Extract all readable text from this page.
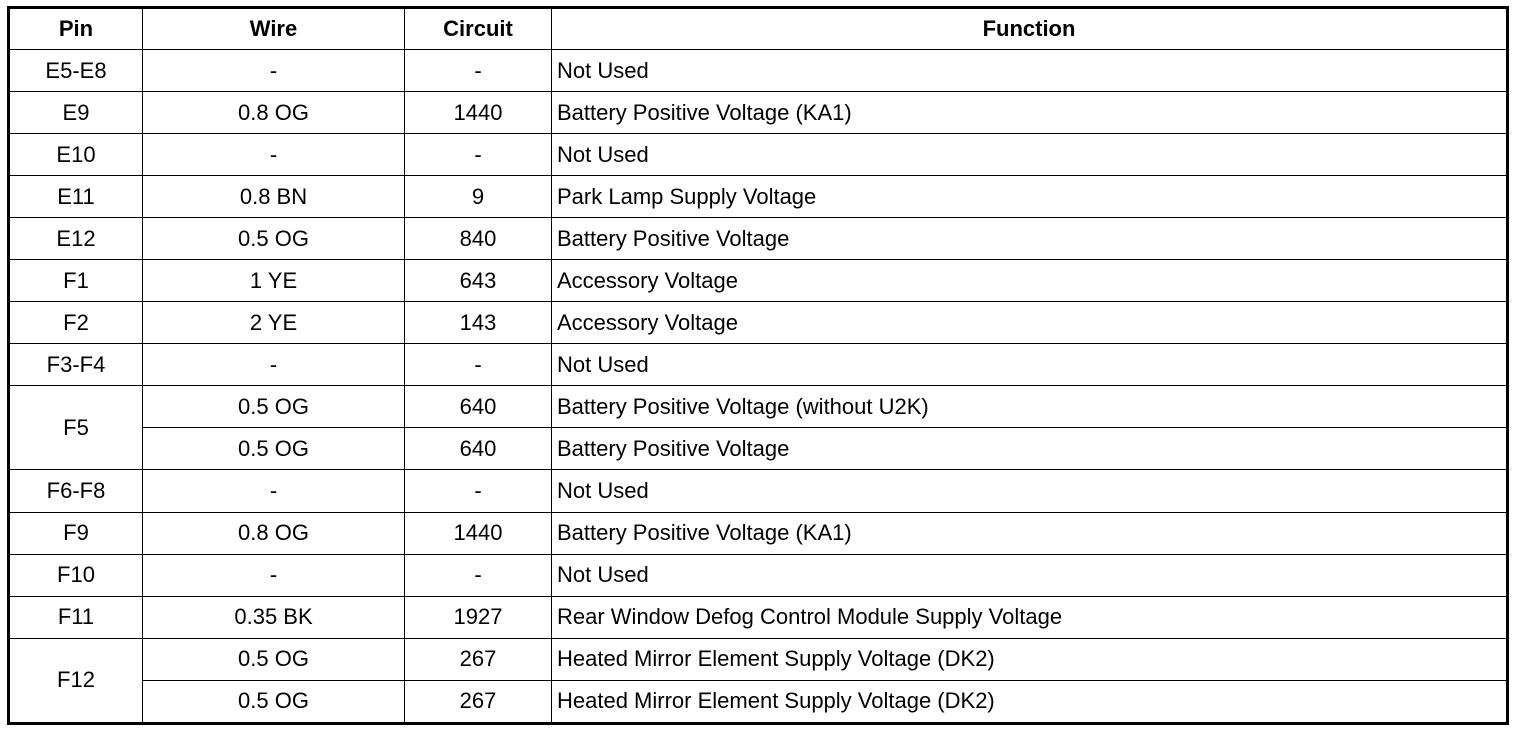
Pin	Wire	Circuit	Function
E5-E8	-	-	Not Used
E9	0.8 OG	1440	Battery Positive Voltage (KA1)
E10	-	-	Not Used
E11	0.8 BN	9	Park Lamp Supply Voltage
E12	0.5 OG	840	Battery Positive Voltage
F1	1 YE	643	Accessory Voltage
F2	2 YE	143	Accessory Voltage
F3-F4	-	-	Not Used
F5	0.5 OG	640	Battery Positive Voltage (without U2K)
	0.5 OG	640	Battery Positive Voltage
F6-F8	-	-	Not Used
F9	0.8 OG	1440	Battery Positive Voltage (KA1)
F10	-	-	Not Used
F11	0.35 BK	1927	Rear Window Defog Control Module Supply Voltage
F12	0.5 OG	267	Heated Mirror Element Supply Voltage (DK2)
	0.5 OG	267	Heated Mirror Element Supply Voltage (DK2)
